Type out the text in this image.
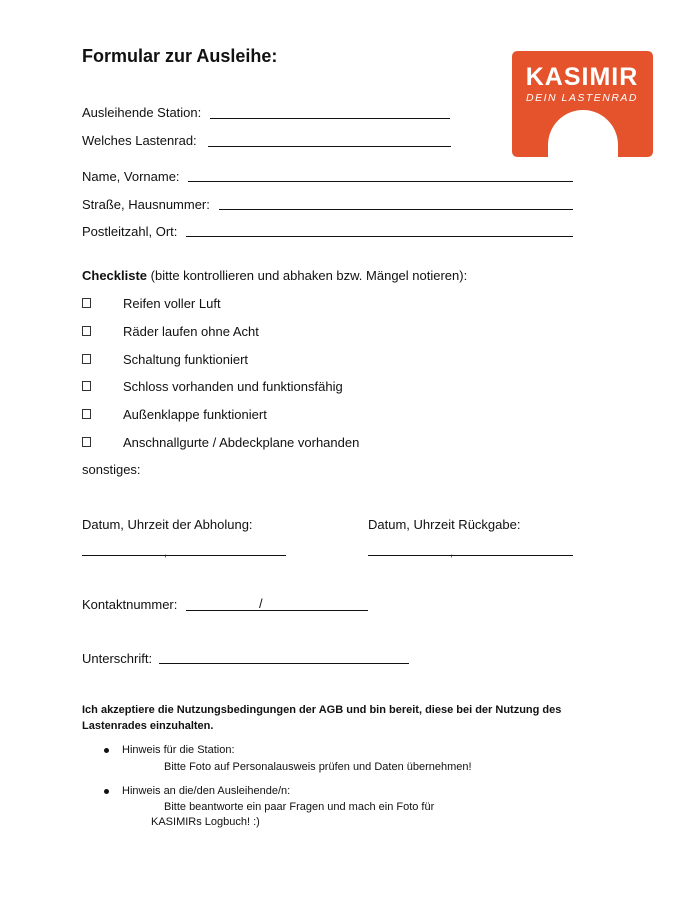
Formular zur Ausleihe:
KASIMIR
DEIN LASTENRAD
Ausleihende Station:
Welches Lastenrad:
Name, Vorname:
Straße, Hausnummer:
Postleitzahl, Ort:
Checkliste (bitte kontrollieren und abhaken bzw. Mängel notieren):
Reifen voller Luft
Räder laufen ohne Acht
Schaltung funktioniert
Schloss vorhanden und funktionsfähig
Außenklappe funktioniert
Anschnallgurte / Abdeckplane vorhanden
sonstiges:
Datum, Uhrzeit der Abholung:
,
Datum, Uhrzeit Rückgabe:
,
Kontaktnummer:	/
Unterschrift:
Ich akzeptiere die Nutzungsbedingungen der AGB und bin bereit, diese bei der Nutzung des
Lastenrades einzuhalten.
Hinweis für die Station:
Bitte Foto auf Personalausweis prüfen und Daten übernehmen!
Hinweis an die/den Ausleihende/n:
Bitte beantworte ein paar Fragen und mach ein Foto für
KASIMIRs Logbuch! :)
